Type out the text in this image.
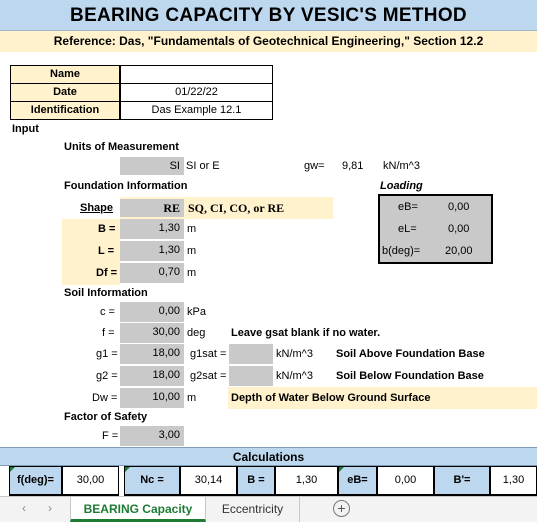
BEARING CAPACITY BY VESIC'S METHOD
Reference: Das, "Fundamentals of Geotechnical Engineering," Section 12.2
Name
Date	01/22/22
Identification	Das Example 12.1
Input
Units of Measurement
SI SI or E	gw= 9,81 kN/m^3
Foundation Information	Loading
Shape	RE SQ, CI, CO, or RE
B =	1,30 m
L =	1,30 m
Df =	0,70 m
eB=	0,00
eL=	0,00
b(deg)= 20,00
Soil Information
c =	0,00 kPa
f =	30,00 deg Leave gsat blank if no water.
g1 =	18,00 g1sat =	kN/m^3 Soil Above Foundation Base
g2 =	18,00 g2sat =	kN/m^3 Soil Below Foundation Base
Dw =	10,00 m	Depth of Water Below Ground Surface
Factor of Safety
F =	3,00
Calculations
f(deg)=	30,00	Nc =	30,14	B =	1,30	eB=	0,00	B'=	1,30
‹ ›	BEARING Capacity	Eccentricity	+
